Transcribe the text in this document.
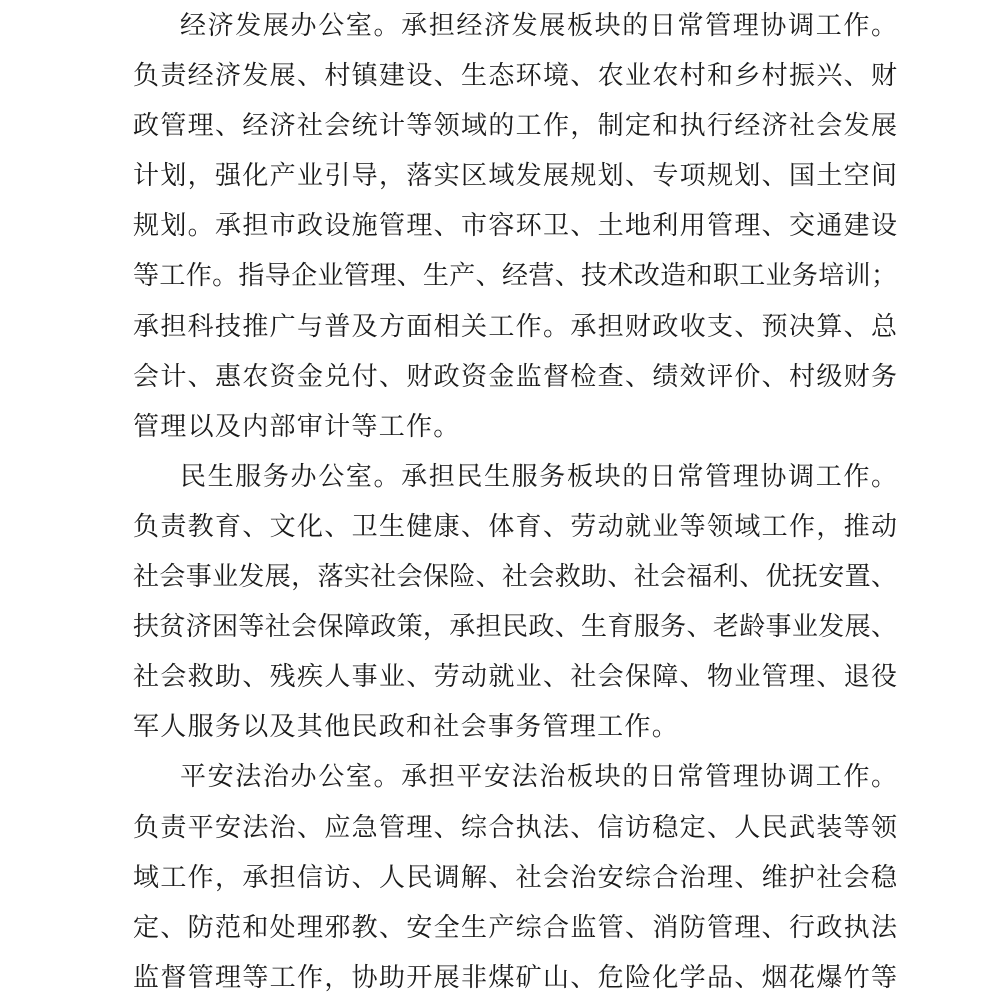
经济发展办公室。承担经济发展板块的日常管理协调工作。
负责经济发展、村镇建设、生态环境、农业农村和乡村振兴、财
政管理、经济社会统计等领域的工作，制定和执行经济社会发展
计划，强化产业引导，落实区域发展规划、专项规划、国土空间
规划。承担市政设施管理、市容环卫、土地利用管理、交通建设
等工作。指导企业管理、生产、经营、技术改造和职工业务培训；
承担科技推广与普及方面相关工作。承担财政收支、预决算、总
会计、惠农资金兑付、财政资金监督检查、绩效评价、村级财务
管理以及内部审计等工作。
民生服务办公室。承担民生服务板块的日常管理协调工作。
负责教育、文化、卫生健康、体育、劳动就业等领域工作，推动
社会事业发展，落实社会保险、社会救助、社会福利、优抚安置、
扶贫济困等社会保障政策，承担民政、生育服务、老龄事业发展、
社会救助、残疾人事业、劳动就业、社会保障、物业管理、退役
军人服务以及其他民政和社会事务管理工作。
平安法治办公室。承担平安法治板块的日常管理协调工作。
负责平安法治、应急管理、综合执法、信访稳定、人民武装等领
域工作，承担信访、人民调解、社会治安综合治理、维护社会稳
定、防范和处理邪教、安全生产综合监管、消防管理、行政执法
监督管理等工作，协助开展非煤矿山、危险化学品、烟花爆竹等
